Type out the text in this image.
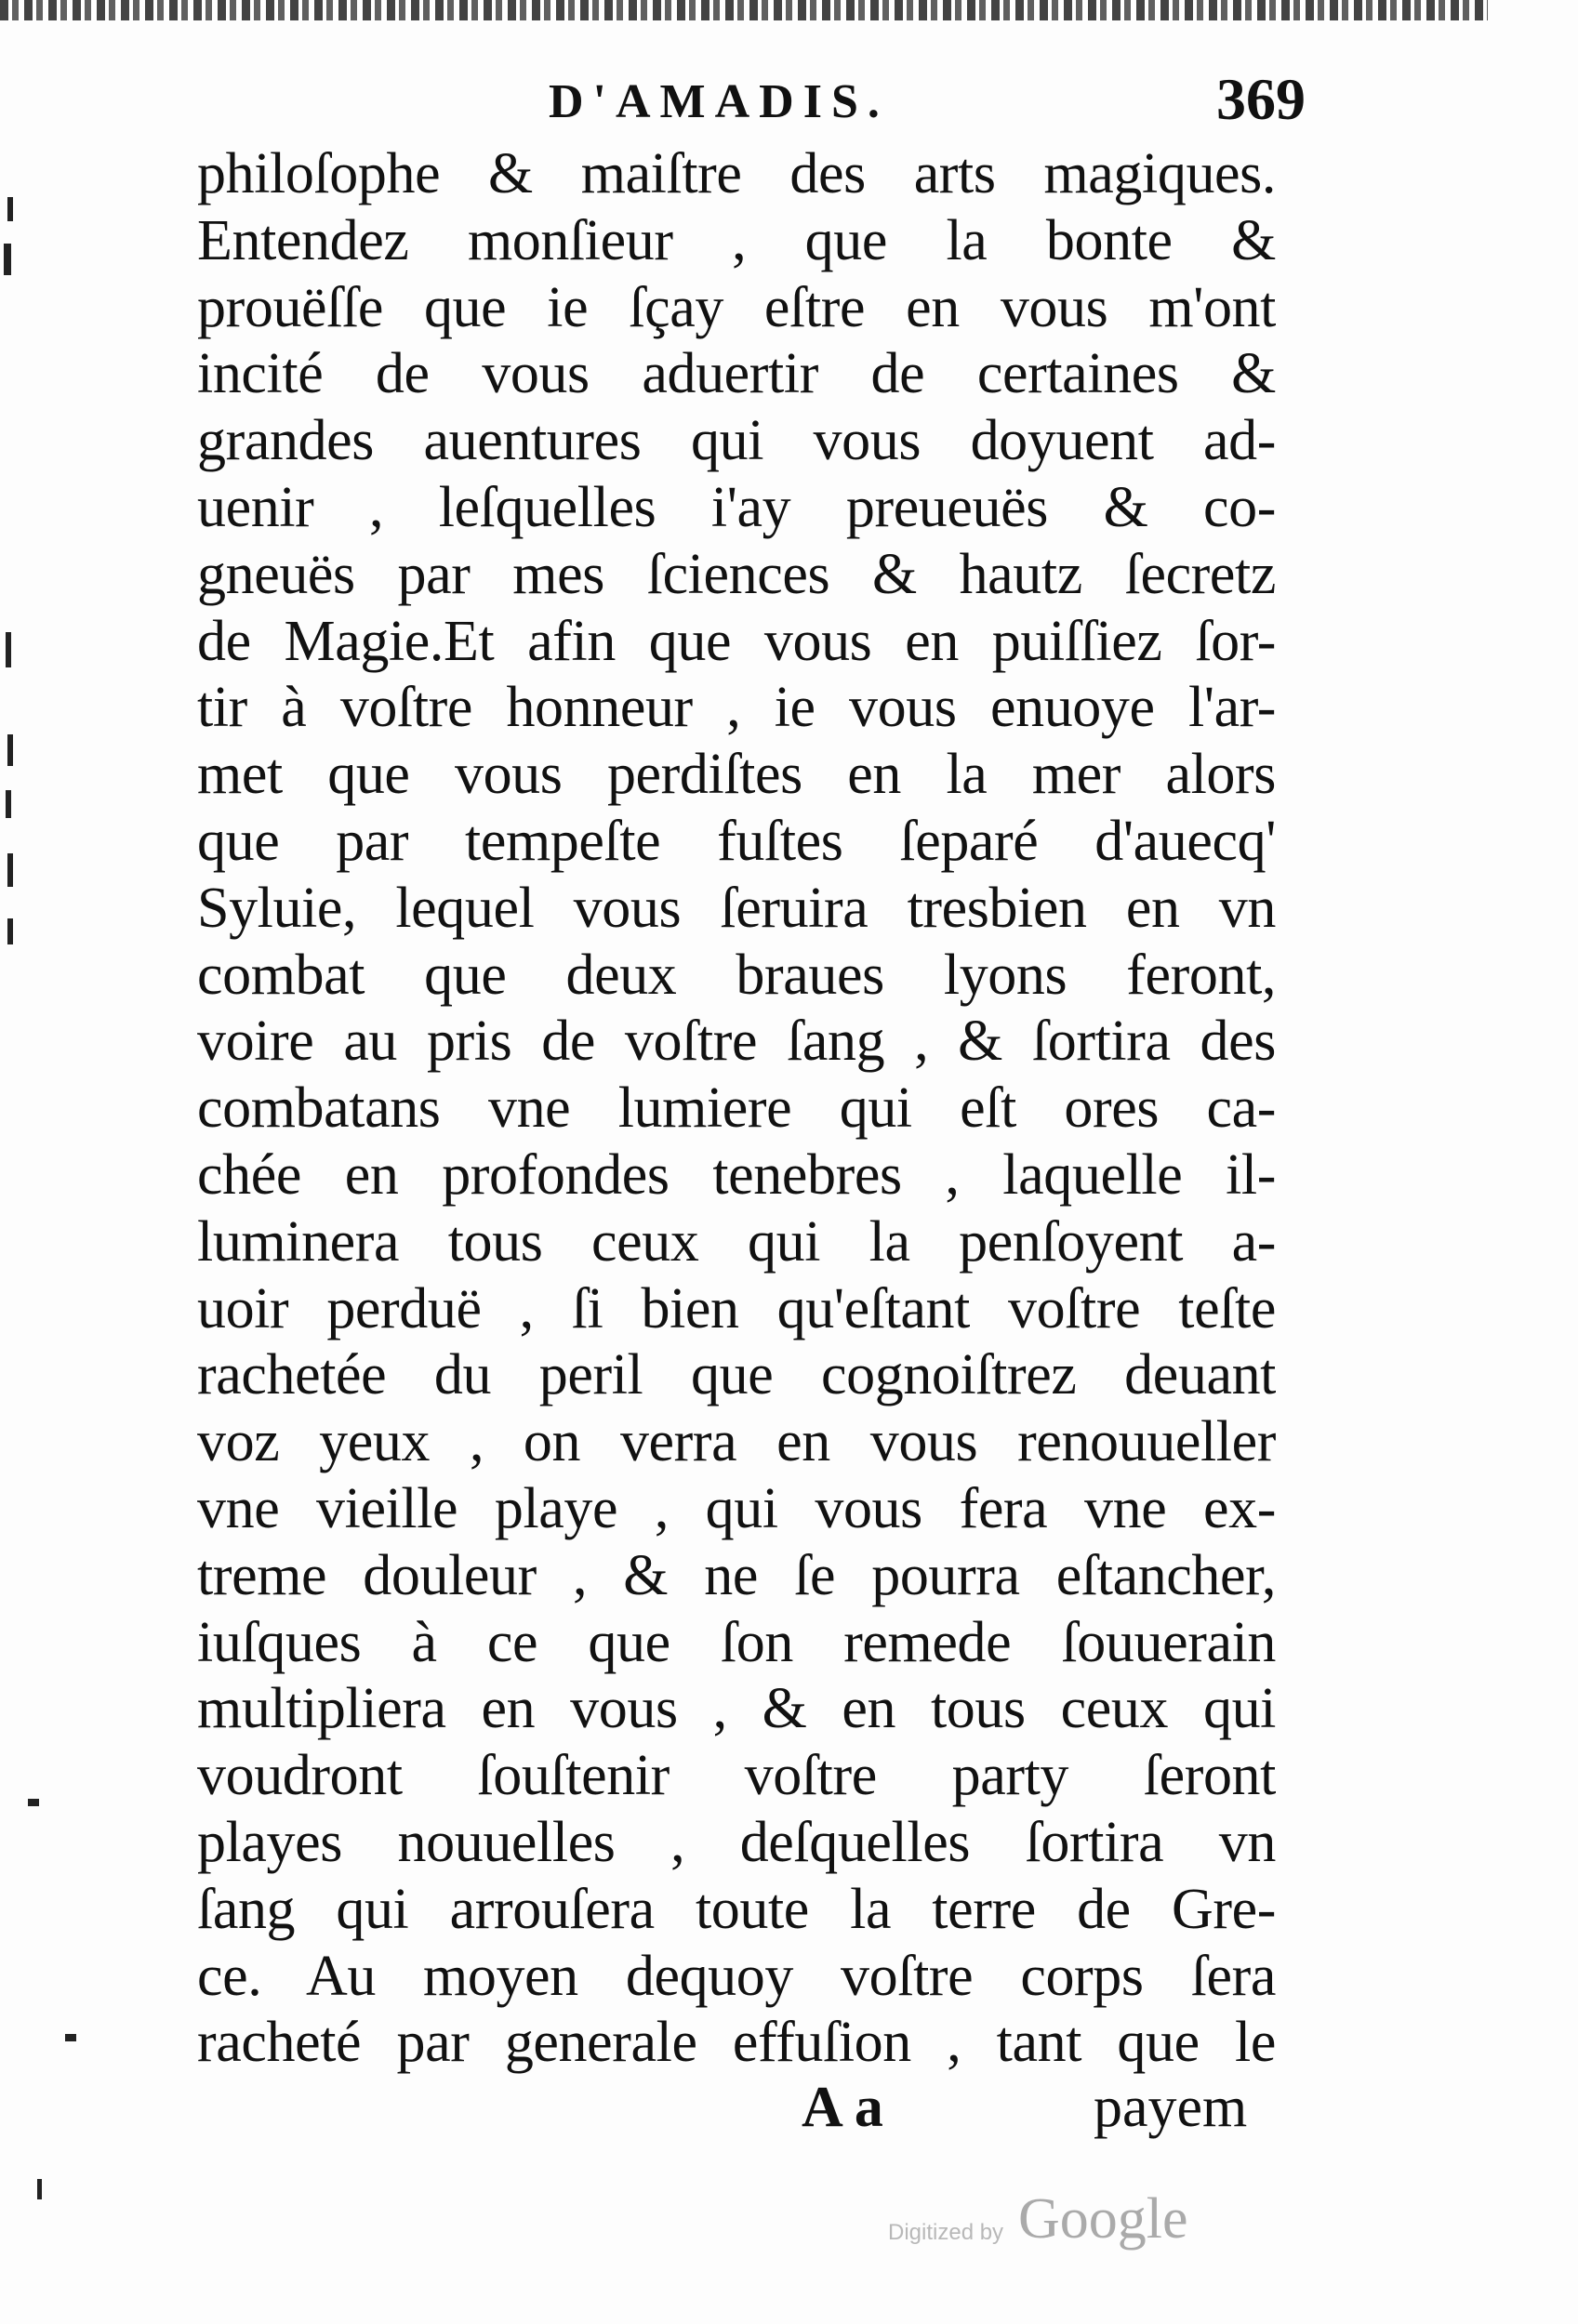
D'AMADIS.	369
philoſophe & maiſtre des arts magiques.
Entendez monſieur , que la bonte &
prouëſſe que ie ſçay eſtre en vous m'ont
incité de vous aduertir de certaines &
grandes auentures qui vous doyuent ad-
uenir , leſquelles i'ay preueuës & co-
gneuës par mes ſciences & hautz ſecretz
de Magie.Et afin que vous en puiſſiez ſor-
tir à voſtre honneur , ie vous enuoye l'ar-
met que vous perdiſtes en la mer alors
que par tempeſte fuſtes ſeparé d'auecq'
Syluie, lequel vous ſeruira tresbien en vn
combat que deux braues lyons feront,
voire au pris de voſtre ſang , & ſortira des
combatans vne lumiere qui eſt ores ca-
chée en profondes tenebres , laquelle il-
luminera tous ceux qui la penſoyent a-
uoir perduë , ſi bien qu'eſtant voſtre teſte
rachetée du peril que cognoiſtrez deuant
voz yeux , on verra en vous renouueller
vne vieille playe , qui vous fera vne ex-
treme douleur , & ne ſe pourra eſtancher,
iuſques à ce que ſon remede ſouuerain
multipliera en vous , & en tous ceux qui
voudront ſouſtenir voſtre party ſeront
playes nouuelles , deſquelles ſortira vn
ſang qui arrouſera toute la terre de Gre-
ce. Au moyen dequoy voſtre corps ſera
racheté par generale effuſion , tant que le
A a	payem
Digitized by Google
